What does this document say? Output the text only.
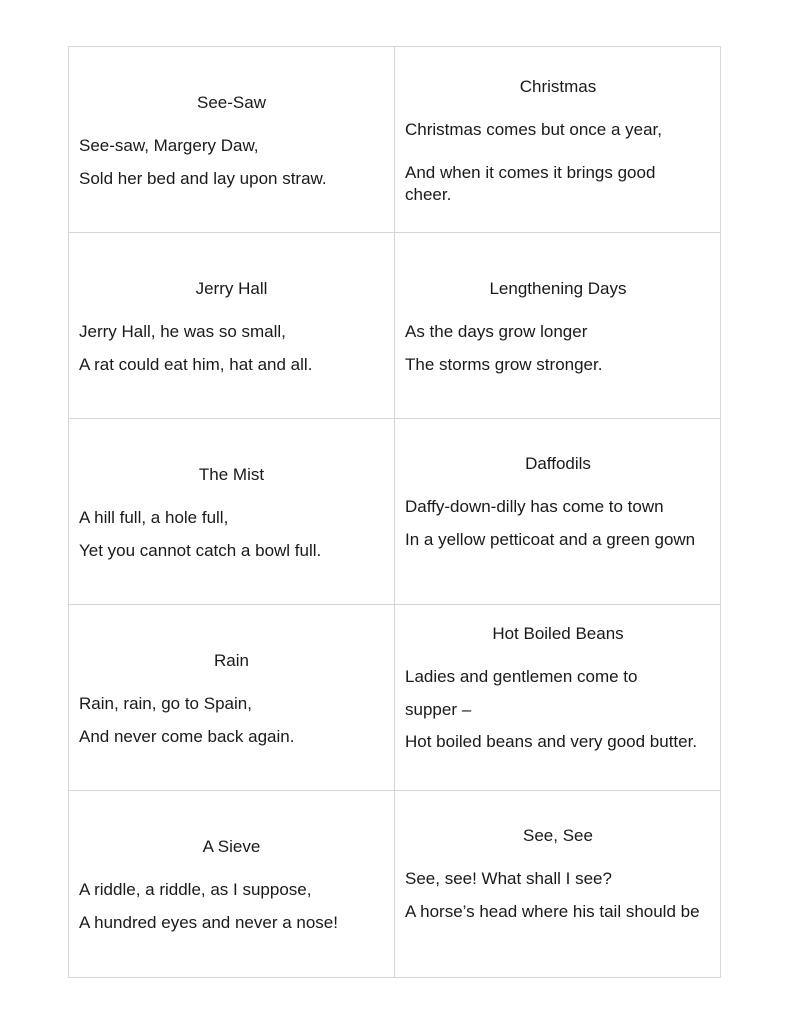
See-Saw

See-saw, Margery Daw,

Sold her bed and lay upon straw.

Christmas

Christmas comes but once a year,

And when it comes it brings good cheer.

Jerry Hall

Jerry Hall, he was so small,

A rat could eat him, hat and all.

Lengthening Days

As the days grow longer

The storms grow stronger.

The Mist

A hill full, a hole full,

Yet you cannot catch a bowl full.

Daffodils

Daffy-down-dilly has come to town

In a yellow petticoat and a green gown

Rain

Rain, rain, go to Spain,

And never come back again.

Hot Boiled Beans

Ladies and gentlemen come to

supper –

Hot boiled beans and very good butter.

A Sieve

A riddle, a riddle, as I suppose,

A hundred eyes and never a nose!

See, See

See, see! What shall I see?

A horse’s head where his tail should be
